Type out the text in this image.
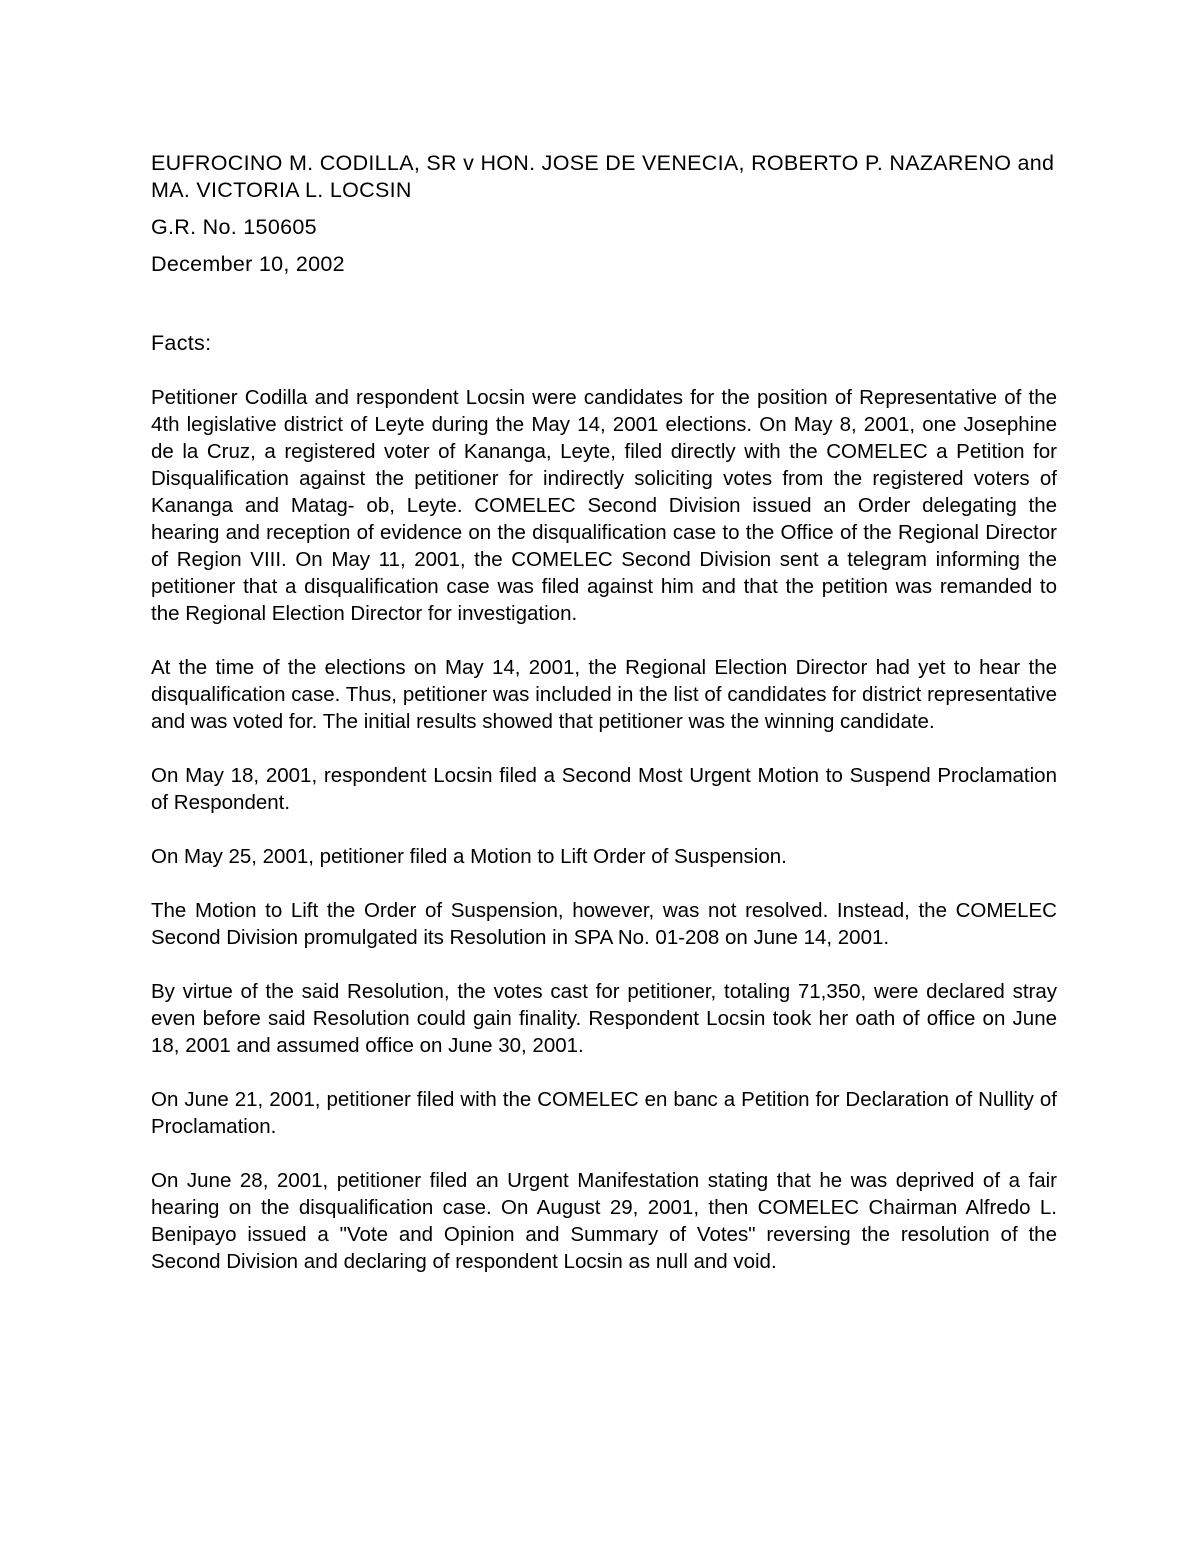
EUFROCINO M. CODILLA, SR v HON. JOSE DE VENECIA, ROBERTO P. NAZARENO and MA. VICTORIA L. LOCSIN

G.R. No. 150605

December 10, 2002

Facts:

Petitioner Codilla and respondent Locsin were candidates for the position of Representative of the 4th legislative district of Leyte during the May 14, 2001 elections. On May 8, 2001, one Josephine de la Cruz, a registered voter of Kananga, Leyte, filed directly with the COMELEC a Petition for Disqualification against the petitioner for indirectly soliciting votes from the registered voters of Kananga and Matag- ob, Leyte. COMELEC Second Division issued an Order delegating the hearing and reception of evidence on the disqualification case to the Office of the Regional Director of Region VIII. On May 11, 2001, the COMELEC Second Division sent a telegram informing the petitioner that a disqualification case was filed against him and that the petition was remanded to the Regional Election Director for investigation.

At the time of the elections on May 14, 2001, the Regional Election Director had yet to hear the disqualification case. Thus, petitioner was included in the list of candidates for district representative and was voted for. The initial results showed that petitioner was the winning candidate.

On May 18, 2001, respondent Locsin filed a Second Most Urgent Motion to Suspend Proclamation of Respondent.

On May 25, 2001, petitioner filed a Motion to Lift Order of Suspension.

The Motion to Lift the Order of Suspension, however, was not resolved. Instead, the COMELEC Second Division promulgated its Resolution in SPA No. 01-208 on June 14, 2001.

By virtue of the said Resolution, the votes cast for petitioner, totaling 71,350, were declared stray even before said Resolution could gain finality. Respondent Locsin took her oath of office on June 18, 2001 and assumed office on June 30, 2001.

On June 21, 2001, petitioner filed with the COMELEC en banc a Petition for Declaration of Nullity of Proclamation.

On June 28, 2001, petitioner filed an Urgent Manifestation stating that he was deprived of a fair hearing on the disqualification case. On August 29, 2001, then COMELEC Chairman Alfredo L. Benipayo issued a "Vote and Opinion and Summary of Votes" reversing the resolution of the Second Division and declaring of respondent Locsin as null and void.
